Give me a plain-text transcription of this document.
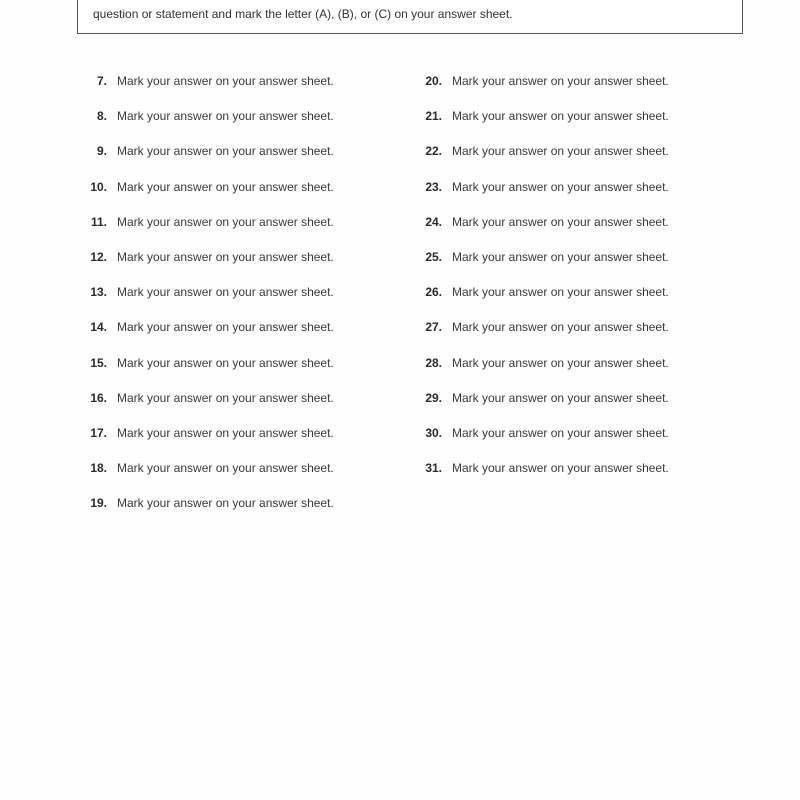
question or statement and mark the letter (A), (B), or (C) on your answer sheet.
7. Mark your answer on your answer sheet.
8. Mark your answer on your answer sheet.
9. Mark your answer on your answer sheet.
10. Mark your answer on your answer sheet.
11. Mark your answer on your answer sheet.
12. Mark your answer on your answer sheet.
13. Mark your answer on your answer sheet.
14. Mark your answer on your answer sheet.
15. Mark your answer on your answer sheet.
16. Mark your answer on your answer sheet.
17. Mark your answer on your answer sheet.
18. Mark your answer on your answer sheet.
19. Mark your answer on your answer sheet.
20. Mark your answer on your answer sheet.
21. Mark your answer on your answer sheet.
22. Mark your answer on your answer sheet.
23. Mark your answer on your answer sheet.
24. Mark your answer on your answer sheet.
25. Mark your answer on your answer sheet.
26. Mark your answer on your answer sheet.
27. Mark your answer on your answer sheet.
28. Mark your answer on your answer sheet.
29. Mark your answer on your answer sheet.
30. Mark your answer on your answer sheet.
31. Mark your answer on your answer sheet.
